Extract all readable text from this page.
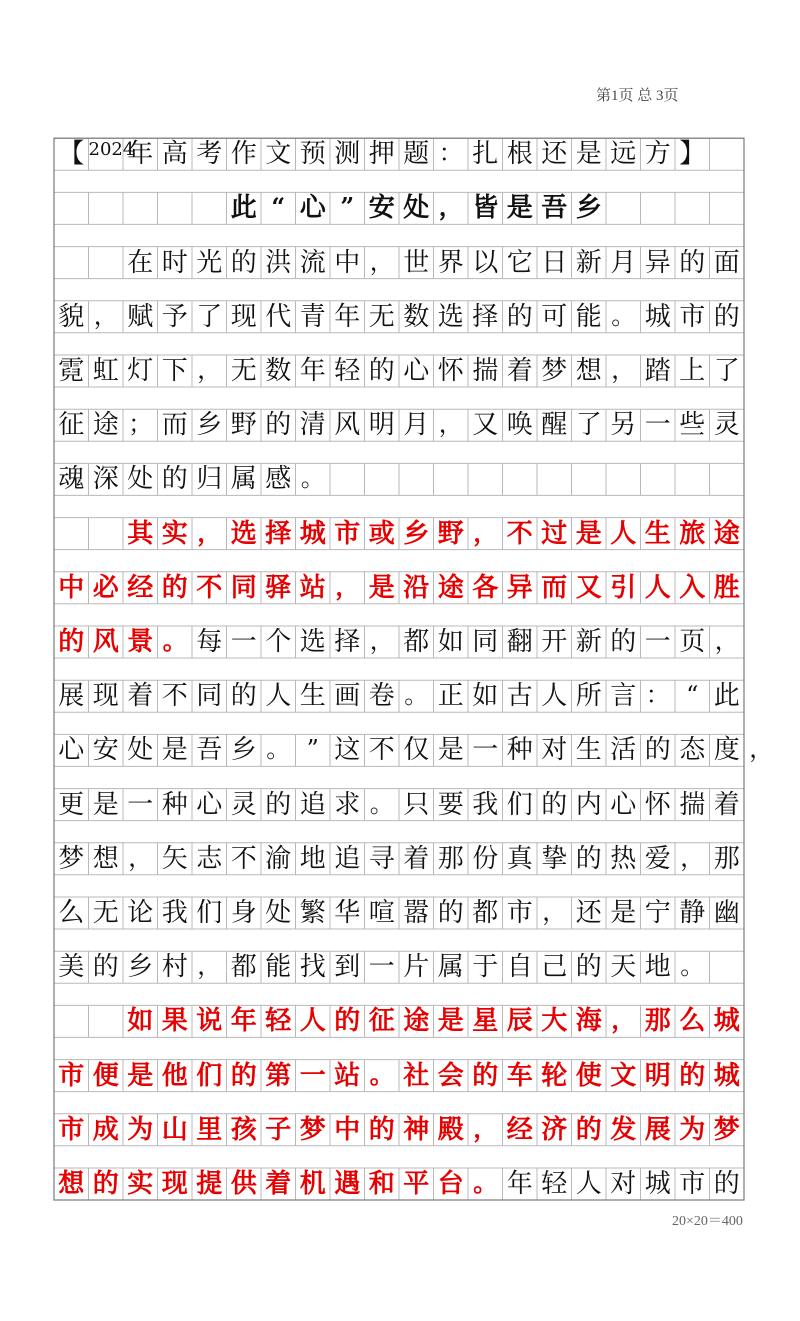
第1页 总 3页
【 2024
年 高 考 作 文 预 测 押 题 ： 扎 根 还 是 远 方 】
此 “ 心 ” 安 处 ， 皆 是 吾 乡
在 时 光 的 洪 流 中 ， 世 界 以 它 日 新 月 异 的 面
貌 ， 赋 予 了 现 代 青 年 无 数 选 择 的 可 能 。 城 市 的
霓 虹 灯 下 ， 无 数 年 轻 的 心 怀 揣 着 梦 想 ， 踏 上 了
征 途 ； 而 乡 野 的 清 风 明 月 ， 又 唤 醒 了 另 一 些 灵
魂 深 处 的 归 属 感 。
其 实 ， 选 择 城 市 或 乡 野 ， 不 过 是 人 生 旅 途
中 必 经 的 不 同 驿 站 ， 是 沿 途 各 异 而 又 引 人 入 胜
的 风 景 。 每 一 个 选 择 ， 都 如 同 翻 开 新 的 一 页 ，
展 现 着 不 同 的 人 生 画 卷 。 正 如 古 人 所 言 ： “ 此
心 安 处 是 吾 乡 。 ” 这 不 仅 是 一 种 对 生 活 的 态 度 ，
更 是 一 种 心 灵 的 追 求 。 只 要 我 们 的 内 心 怀 揣 着
梦 想 ， 矢 志 不 渝 地 追 寻 着 那 份 真 挚 的 热 爱 ， 那
么 无 论 我 们 身 处 繁 华 喧 嚣 的 都 市 ， 还 是 宁 静 幽
美 的 乡 村 ， 都 能 找 到 一 片 属 于 自 己 的 天 地 。
如 果 说 年 轻 人 的 征 途 是 星 辰 大 海 ， 那 么 城
市 便 是 他 们 的 第 一 站 。 社 会 的 车 轮 使 文 明 的 城
市 成 为 山 里 孩 子 梦 中 的 神 殿 ， 经 济 的 发 展 为 梦
想 的 实 现 提 供 着 机 遇 和 平 台 。 年 轻 人 对 城 市 的
20×20＝400
